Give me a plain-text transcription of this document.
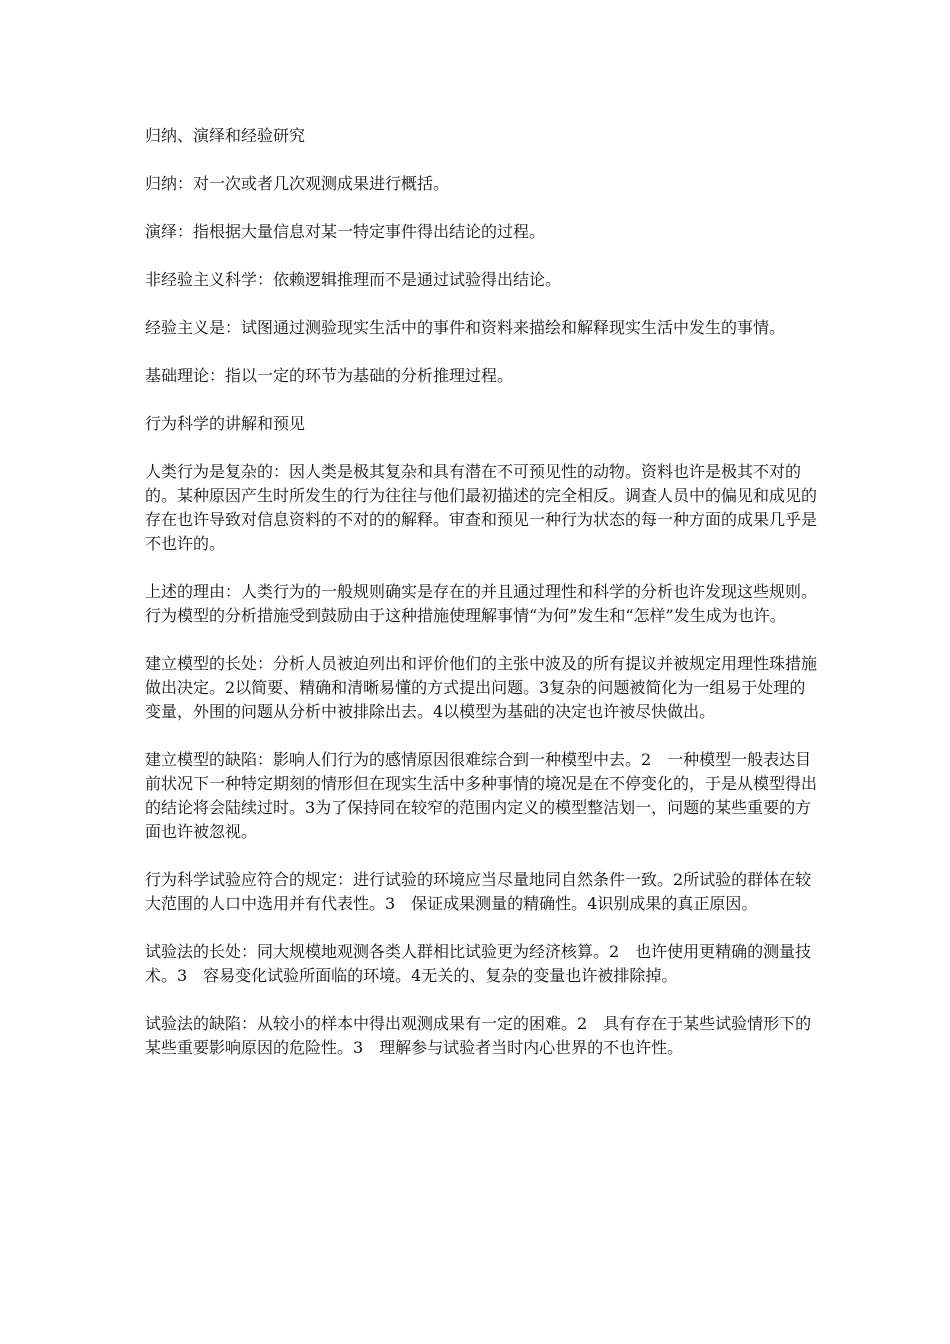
归纳、演绎和经验研究

归纳：对一次或者几次观测成果进行概括。

演绎：指根据大量信息对某一特定事件得出结论的过程。

非经验主义科学：依赖逻辑推理而不是通过试验得出结论。

经验主义是：试图通过测验现实生活中的事件和资料来描绘和解释现实生活中发生的事情。

基础理论：指以一定的环节为基础的分析推理过程。

行为科学的讲解和预见

人类行为是复杂的：因人类是极其复杂和具有潜在不可预见性的动物。资料也许是极其不对的的。某种原因产生时所发生的行为往往与他们最初描述的完全相反。调查人员中的偏见和成见的存在也许导致对信息资料的不对的的解释。审查和预见一种行为状态的每一种方面的成果几乎是不也许的。

上述的理由：人类行为的一般规则确实是存在的并且通过理性和科学的分析也许发现这些规则。行为模型的分析措施受到鼓励由于这种措施使理解事情“为何”发生和“怎样”发生成为也许。

建立模型的长处：分析人员被迫列出和评价他们的主张中波及的所有提议并被规定用理性珠措施做出决定。2以简要、精确和清晰易懂的方式提出问题。3复杂的问题被简化为一组易于处理的变量，外围的问题从分析中被排除出去。4以模型为基础的决定也许被尽快做出。

建立模型的缺陷：影响人们行为的感情原因很难综合到一种模型中去。2　一种模型一般表达目前状况下一种特定期刻的情形但在现实生活中多种事情的境况是在不停变化的，于是从模型得出的结论将会陆续过时。3为了保持同在较窄的范围内定义的模型整洁划一，问题的某些重要的方面也许被忽视。

行为科学试验应符合的规定：进行试验的环境应当尽量地同自然条件一致。2所试验的群体在较大范围的人口中选用并有代表性。3　保证成果测量的精确性。4识别成果的真正原因。

试验法的长处：同大规模地观测各类人群相比试验更为经济核算。2　也许使用更精确的测量技术。3　容易变化试验所面临的环境。4无关的、复杂的变量也许被排除掉。

试验法的缺陷：从较小的样本中得出观测成果有一定的困难。2　具有存在于某些试验情形下的某些重要影响原因的危险性。3　理解参与试验者当时内心世界的不也许性。
